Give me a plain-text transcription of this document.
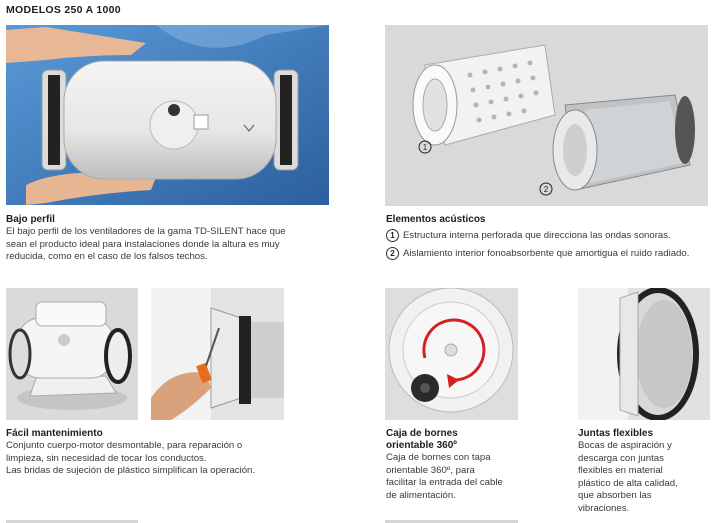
MODELOS 250 A 1000
1
2
Bajo perfil
El bajo perfil de los ventiladores de la gama TD-SILENT hace que
sean el producto ideal para instalaciones donde la altura es muy
reducida, como en el caso de los falsos techos.
Elementos acústicos
1 Estructura interna perforada que direcciona las ondas sonoras.
2 Aislamiento interior fonoabsorbente que amortigua el ruido radiado.
Fácil mantenimiento
Conjunto cuerpo-motor desmontable, para reparación o
limpieza, sin necesidad de tocar los conductos.
Las bridas de sujeción de plástico simplifican la operación.
Caja de bornes
orientable 360º
Caja de bornes con tapa
orientable 360º, para
facilitar la entrada del cable
de alimentación.
Juntas flexibles
Bocas de aspiración y
descarga con juntas
flexibles en material
plástico de alta calidad,
que absorben las
vibraciones.
